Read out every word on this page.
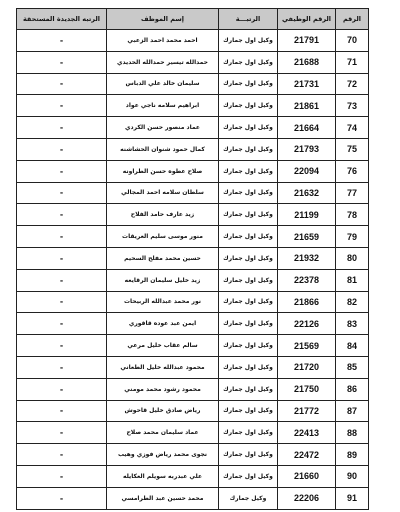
الرقم	الرقم الوظيفي	الرتبـــة	إسم الموظف	الرتبه الجديدة المستحقة
70	21791	وكيل اول جمارك	احمد محمد احمد الزعبي	-
71	21688	وكيل اول جمارك	حمدالله تيسير حمدالله الحديدي	-
72	21731	وكيل اول جمارك	سليمان خالد علي الدباس	-
73	21861	وكيل اول جمارك	ابراهيم سلامه ناجي عواد	-
74	21664	وكيل اول جمارك	عماد منصور حسن الكردي	-
75	21793	وكيل اول جمارك	كمال حمود شنوان الحشاشنه	-
76	22094	وكيل اول جمارك	صلاح عطوه حسن الطراونه	-
77	21632	وكيل اول جمارك	سلطان سلامه احمد المجالي	-
78	21199	وكيل اول جمارك	زيد عارف حامد الفلاح	-
79	21659	وكيل اول جمارك	منور موسى سليم العريقات	-
80	21932	وكيل اول جمارك	حسين محمد مفلح السحيم	-
81	22378	وكيل اول جمارك	زيد خليل سليمان الرقايعه	-
82	21866	وكيل اول جمارك	نور محمد عبدالله الربيحات	-
83	22126	وكيل اول جمارك	ايمن عبد عوده قاقوري	-
84	21569	وكيل اول جمارك	سالم عقاب خليل مرعي	-
85	21720	وكيل اول جمارك	محمود عبدالله خليل الطعاني	-
86	21750	وكيل اول جمارك	محمود رشود محمد مومني	-
87	21772	وكيل اول جمارك	رياض صادق خليل قاحوش	-
88	22413	وكيل اول جمارك	عماد سليمان محمد صلاح	-
89	22472	وكيل اول جمارك	نجوى محمد رياض فوزي وهيب	-
90	21660	وكيل اول جمارك	علي عبدربه سويلم العكايله	-
91	22206	وكيل جمارك	محمد حسين عبد الطرامسي	-
